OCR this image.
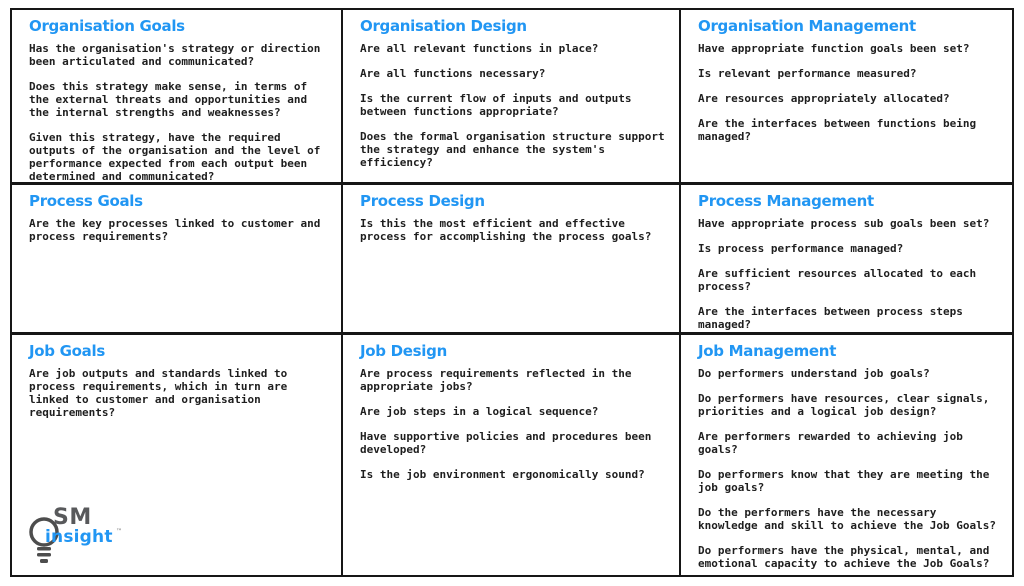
Organisation Goals

Has the organisation's strategy or direction been articulated and communicated?

Does this strategy make sense, in terms of the external threats and opportunities and the internal strengths and weaknesses?

Given this strategy, have the required outputs of the organisation and the level of performance expected from each output been determined and communicated?

Organisation Design

Are all relevant functions in place?

Are all functions necessary?

Is the current flow of inputs and outputs between functions appropriate?

Does the formal organisation structure support the strategy and enhance the system's efficiency?

Organisation Management

Have appropriate function goals been set?

Is relevant performance measured?

Are resources appropriately allocated?

Are the interfaces between functions being managed?

Process Goals

Are the key processes linked to customer and process requirements?

Process Design

Is this the most efficient and effective process for accomplishing the process goals?

Process Management

Have appropriate process sub goals been set?

Is process performance managed?

Are sufficient resources allocated to each process?

Are the interfaces between process steps managed?

Job Goals

Are job outputs and standards linked to process requirements, which in turn are linked to customer and organisation requirements?

SM
insight ™
Job Design

Are process requirements reflected in the appropriate jobs?

Are job steps in a logical sequence?

Have supportive policies and procedures been developed?

Is the job environment ergonomically sound?

Job Management

Do performers understand job goals?

Do performers have resources, clear signals, priorities and a logical job design?

Are performers rewarded to achieving job goals?

Do performers know that they are meeting the job goals?

Do the performers have the necessary knowledge and skill to achieve the Job Goals?

Do performers have the physical, mental, and emotional capacity to achieve the Job Goals?
